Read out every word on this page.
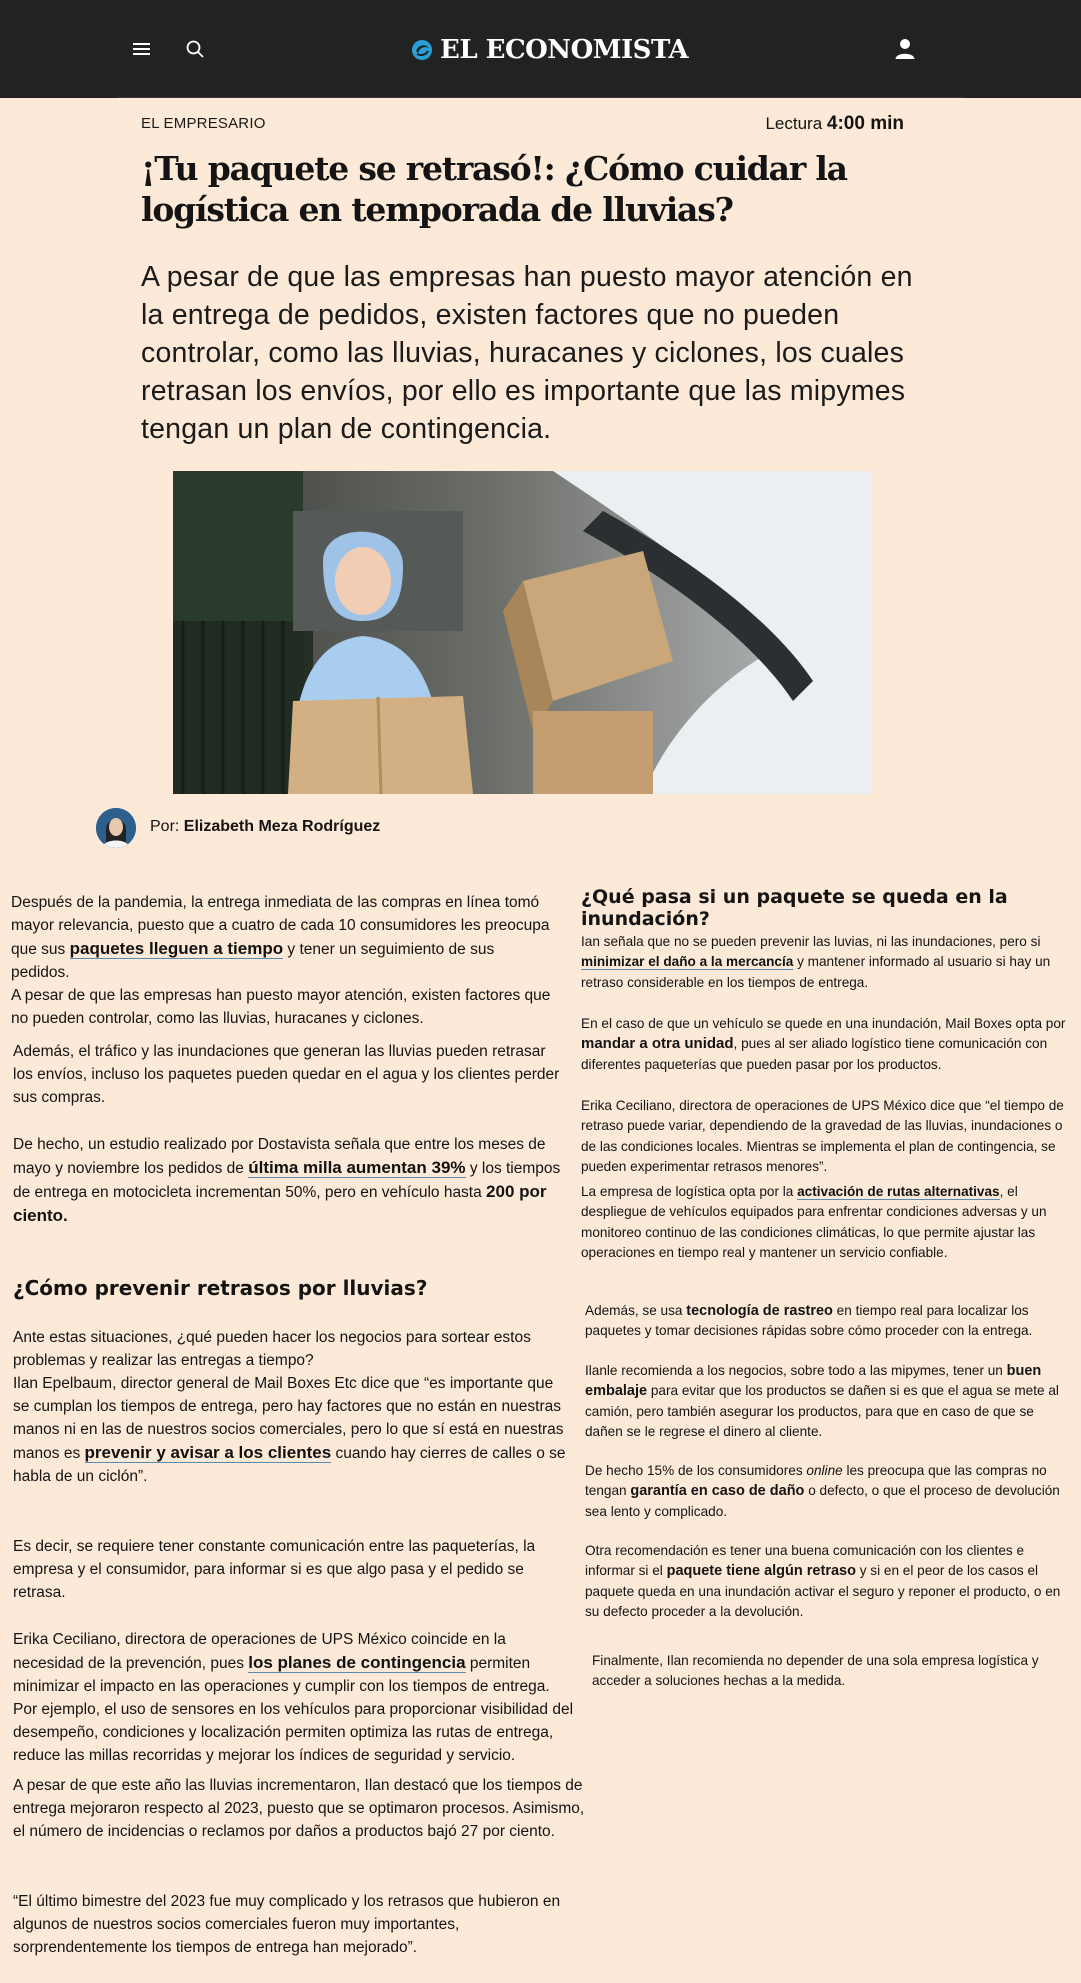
EL ECONOMISTA
EL EMPRESARIO	Lectura 4:00 min
¡Tu paquete se retrasó!: ¿Cómo cuidar la logística en temporada de lluvias?

A pesar de que las empresas han puesto mayor atención en la entrega de pedidos, existen factores que no pueden controlar, como las lluvias, huracanes y ciclones, los cuales retrasan los envíos, por ello es importante que las mipymes tengan un plan de contingencia.

Por: Elizabeth Meza Rodríguez

Después de la pandemia, la entrega inmediata de las compras en línea tomó mayor relevancia, puesto que a cuatro de cada 10 consumidores les preocupa que sus paquetes lleguen a tiempo y tener un seguimiento de sus pedidos.

A pesar de que las empresas han puesto mayor atención, existen factores que no pueden controlar, como las lluvias, huracanes y ciclones.

Además, el tráfico y las inundaciones que generan las lluvias pueden retrasar los envíos, incluso los paquetes pueden quedar en el agua y los clientes perder sus compras.

De hecho, un estudio realizado por Dostavista señala que entre los meses de mayo y noviembre los pedidos de última milla aumentan 39% y los tiempos de entrega en motocicleta incrementan 50%, pero en vehículo hasta 200 por ciento.

¿Cómo prevenir retrasos por lluvias?

Ante estas situaciones, ¿qué pueden hacer los negocios para sortear estos problemas y realizar las entregas a tiempo?

Ilan Epelbaum, director general de Mail Boxes Etc dice que “es importante que se cumplan los tiempos de entrega, pero hay factores que no están en nuestras manos ni en las de nuestros socios comerciales, pero lo que sí está en nuestras manos es prevenir y avisar a los clientes cuando hay cierres de calles o se habla de un ciclón”.

Es decir, se requiere tener constante comunicación entre las paqueterías, la empresa y el consumidor, para informar si es que algo pasa y el pedido se retrasa.

Erika Ceciliano, directora de operaciones de UPS México coincide en la necesidad de la prevención, pues los planes de contingencia permiten minimizar el impacto en las operaciones y cumplir con los tiempos de entrega. Por ejemplo, el uso de sensores en los vehículos para proporcionar visibilidad del desempeño, condiciones y localización permiten optimiza las rutas de entrega, reduce las millas recorridas y mejorar los índices de seguridad y servicio.

A pesar de que este año las lluvias incrementaron, Ilan destacó que los tiempos de entrega mejoraron respecto al 2023, puesto que se optimaron procesos. Asimismo, el número de incidencias o reclamos por daños a productos bajó 27 por ciento.

“El último bimestre del 2023 fue muy complicado y los retrasos que hubieron en algunos de nuestros socios comerciales fueron muy importantes, sorprendentemente los tiempos de entrega han mejorado”.

¿Qué pasa si un paquete se queda en la inundación?

Ian señala que no se pueden prevenir las luvias, ni las inundaciones, pero si minimizar el daño a la mercancía y mantener informado al usuario si hay un retraso considerable en los tiempos de entrega.

En el caso de que un vehículo se quede en una inundación, Mail Boxes opta por mandar a otra unidad, pues al ser aliado logístico tiene comunicación con diferentes paqueterías que pueden pasar por los productos.

Erika Ceciliano, directora de operaciones de UPS México dice que “el tiempo de retraso puede variar, dependiendo de la gravedad de las lluvias, inundaciones o de las condiciones locales. Mientras se implementa el plan de contingencia, se pueden experimentar retrasos menores”.

La empresa de logística opta por la activación de rutas alternativas, el despliegue de vehículos equipados para enfrentar condiciones adversas y un monitoreo continuo de las condiciones climáticas, lo que permite ajustar las operaciones en tiempo real y mantener un servicio confiable.

Además, se usa tecnología de rastreo en tiempo real para localizar los paquetes y tomar decisiones rápidas sobre cómo proceder con la entrega.

Ilanle recomienda a los negocios, sobre todo a las mipymes, tener un buen embalaje para evitar que los productos se dañen si es que el agua se mete al camión, pero también asegurar los productos, para que en caso de que se dañen se le regrese el dinero al cliente.

De hecho 15% de los consumidores online les preocupa que las compras no tengan garantía en caso de daño o defecto, o que el proceso de devolución sea lento y complicado.

Otra recomendación es tener una buena comunicación con los clientes e informar si el paquete tiene algún retraso y si en el peor de los casos el paquete queda en una inundación activar el seguro y reponer el producto, o en su defecto proceder a la devolución.

Finalmente, Ilan recomienda no depender de una sola empresa logística y acceder a soluciones hechas a la medida.
